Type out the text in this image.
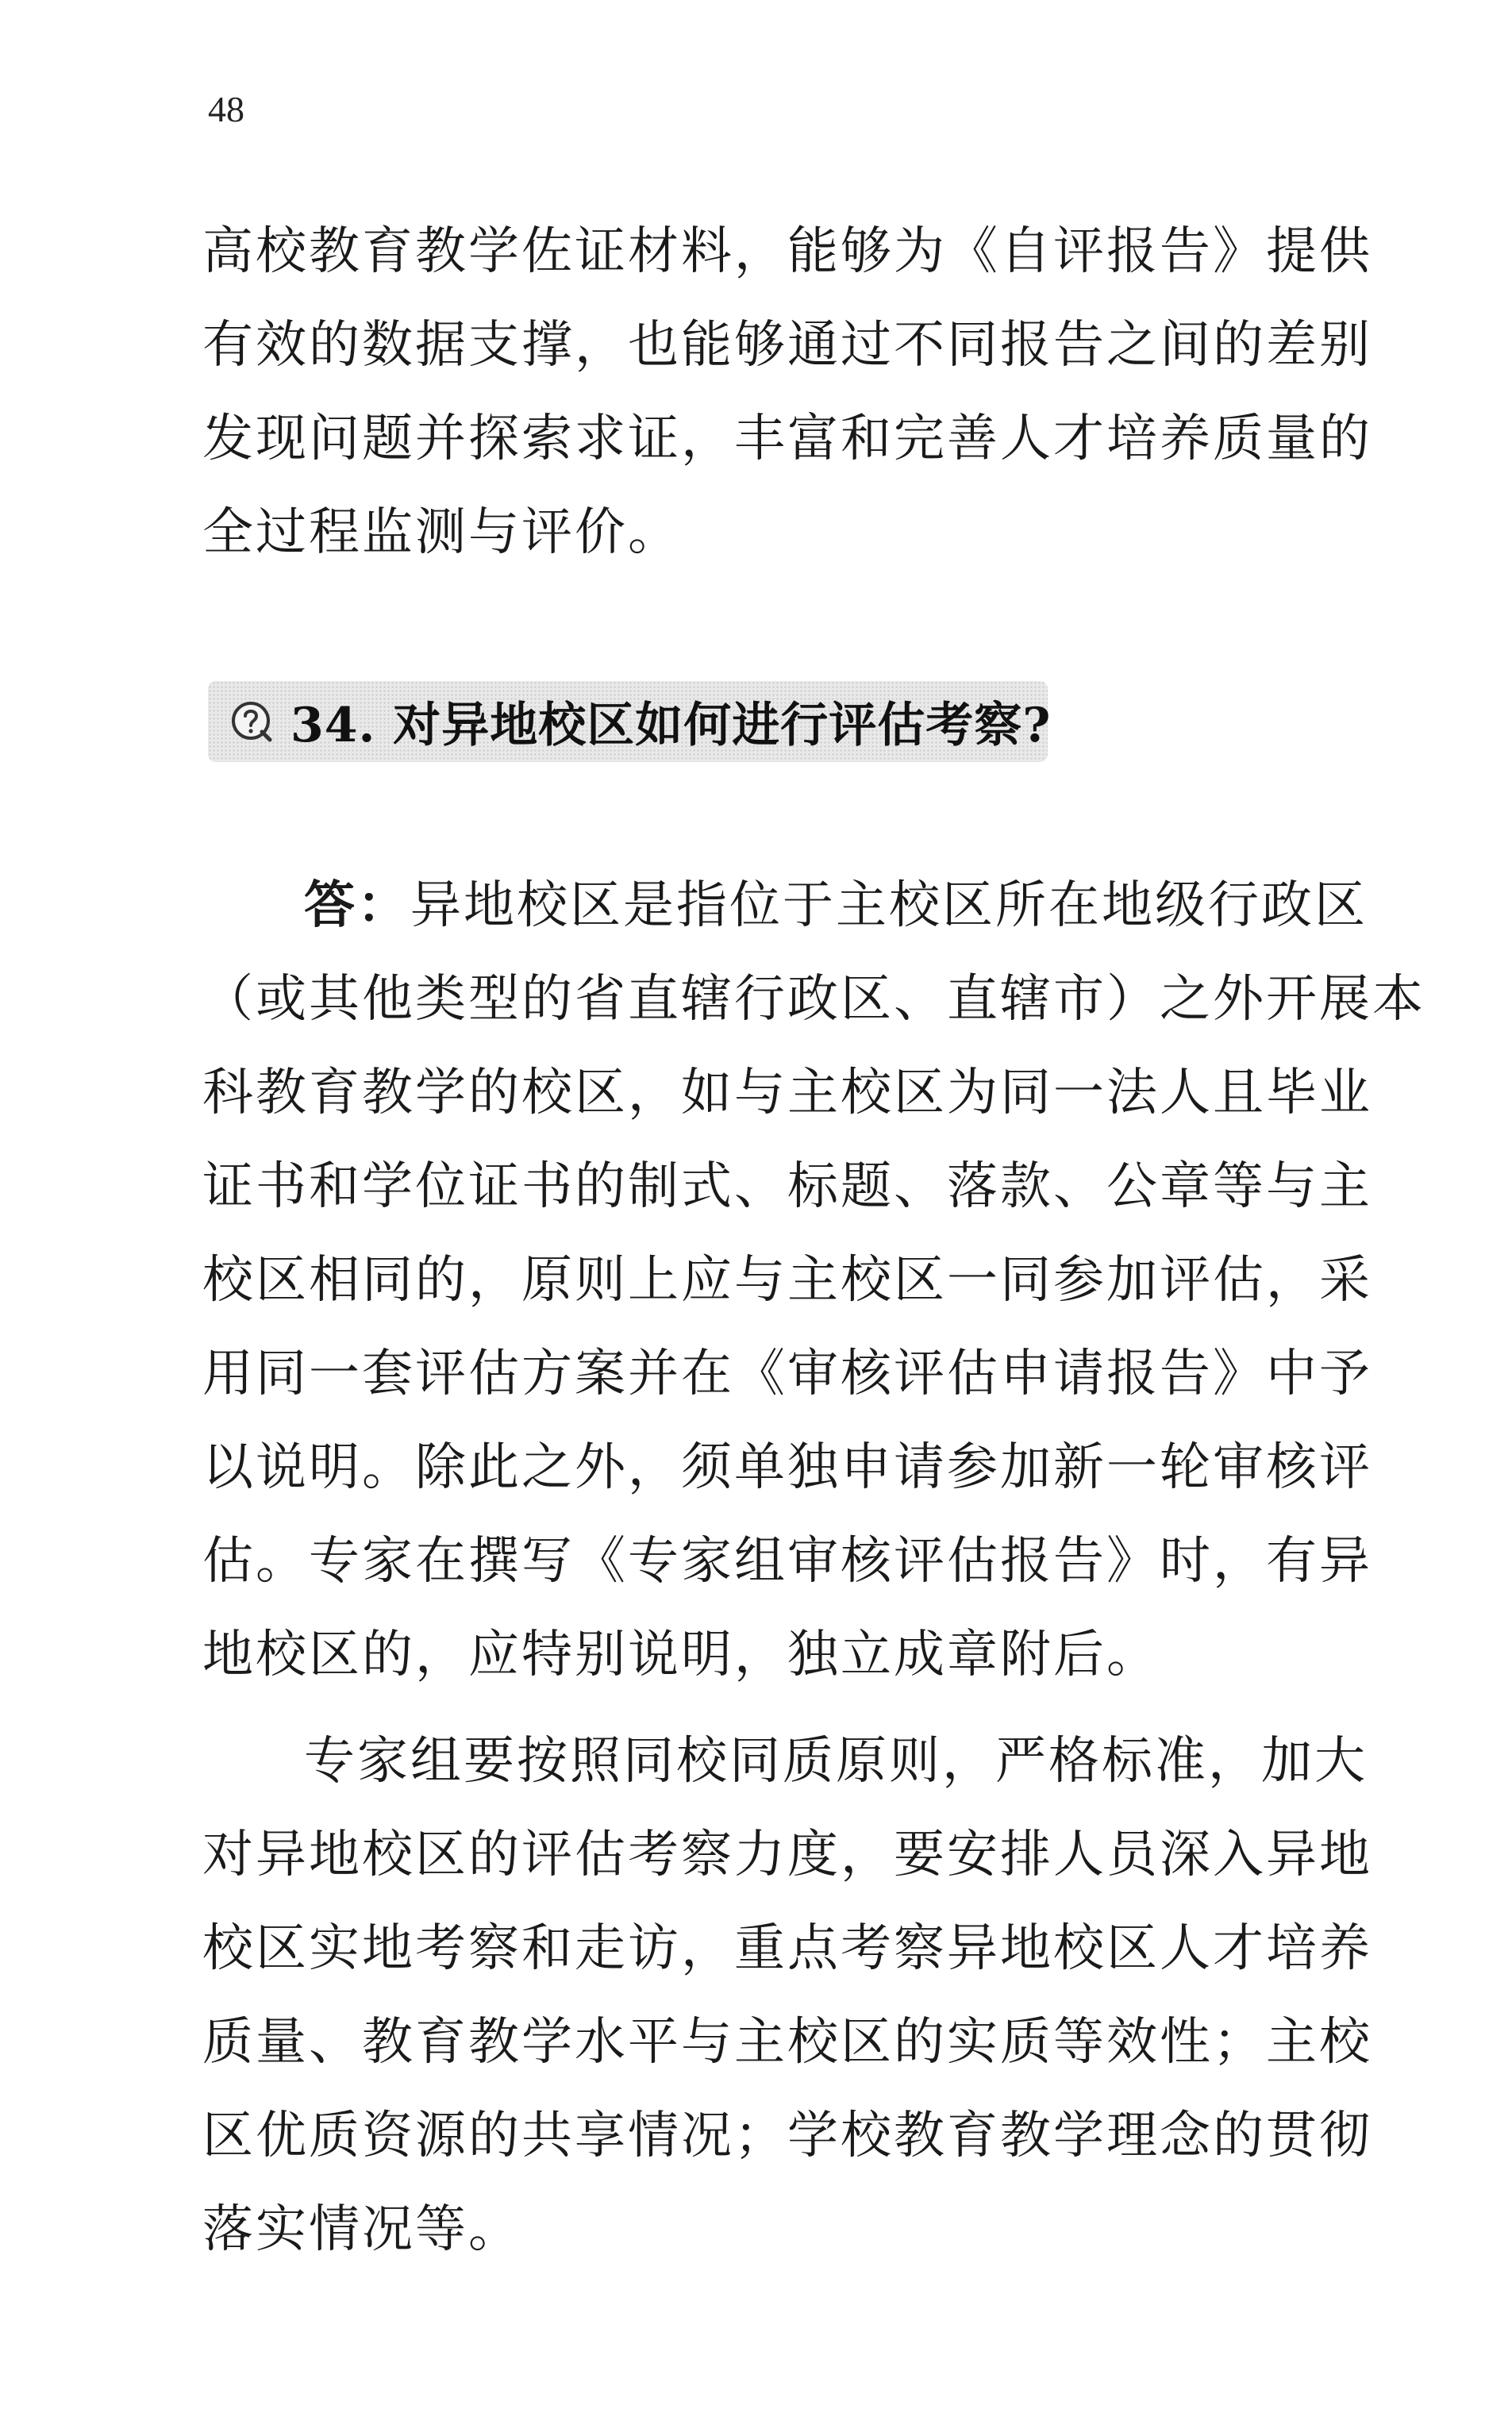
48
高校教育教学佐证材料，能够为《自评报告》提供
有效的数据支撑，也能够通过不同报告之间的差别
发现问题并探索求证，丰富和完善人才培养质量的
全过程监测与评价。
34. 对异地校区如何进行评估考察?
答：异地校区是指位于主校区所在地级行政区
（或其他类型的省直辖行政区、直辖市）之外开展本
科教育教学的校区，如与主校区为同一法人且毕业
证书和学位证书的制式、标题、落款、公章等与主
校区相同的，原则上应与主校区一同参加评估，采
用同一套评估方案并在《审核评估申请报告》中予
以说明。除此之外，须单独申请参加新一轮审核评
估。专家在撰写《专家组审核评估报告》时，有异
地校区的，应特别说明，独立成章附后。
专家组要按照同校同质原则，严格标准，加大
对异地校区的评估考察力度，要安排人员深入异地
校区实地考察和走访，重点考察异地校区人才培养
质量、教育教学水平与主校区的实质等效性；主校
区优质资源的共享情况；学校教育教学理念的贯彻
落实情况等。
